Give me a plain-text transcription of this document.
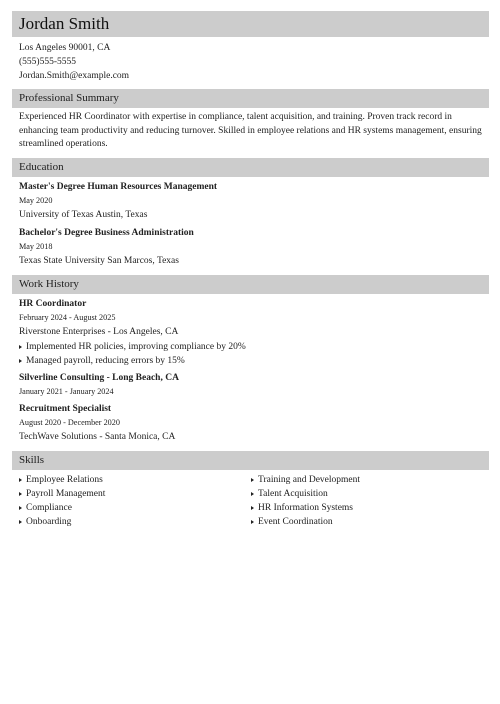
Jordan Smith
Los Angeles 90001, CA
(555)555-5555
Jordan.Smith@example.com
Professional Summary
Experienced HR Coordinator with expertise in compliance, talent acquisition, and training. Proven track record in enhancing team productivity and reducing turnover. Skilled in employee relations and HR systems management, ensuring streamlined operations.
Education
Master's Degree Human Resources Management
May 2020
University of Texas Austin, Texas
Bachelor's Degree Business Administration
May 2018
Texas State University San Marcos, Texas
Work History
HR Coordinator
February 2024 - August 2025
Riverstone Enterprises - Los Angeles, CA
Implemented HR policies, improving compliance by 20%
Managed payroll, reducing errors by 15%
Silverline Consulting - Long Beach, CA
January 2021 - January 2024
Recruitment Specialist
August 2020 - December 2020
TechWave Solutions - Santa Monica, CA
Skills
Employee Relations
Payroll Management
Compliance
Onboarding
Training and Development
Talent Acquisition
HR Information Systems
Event Coordination
